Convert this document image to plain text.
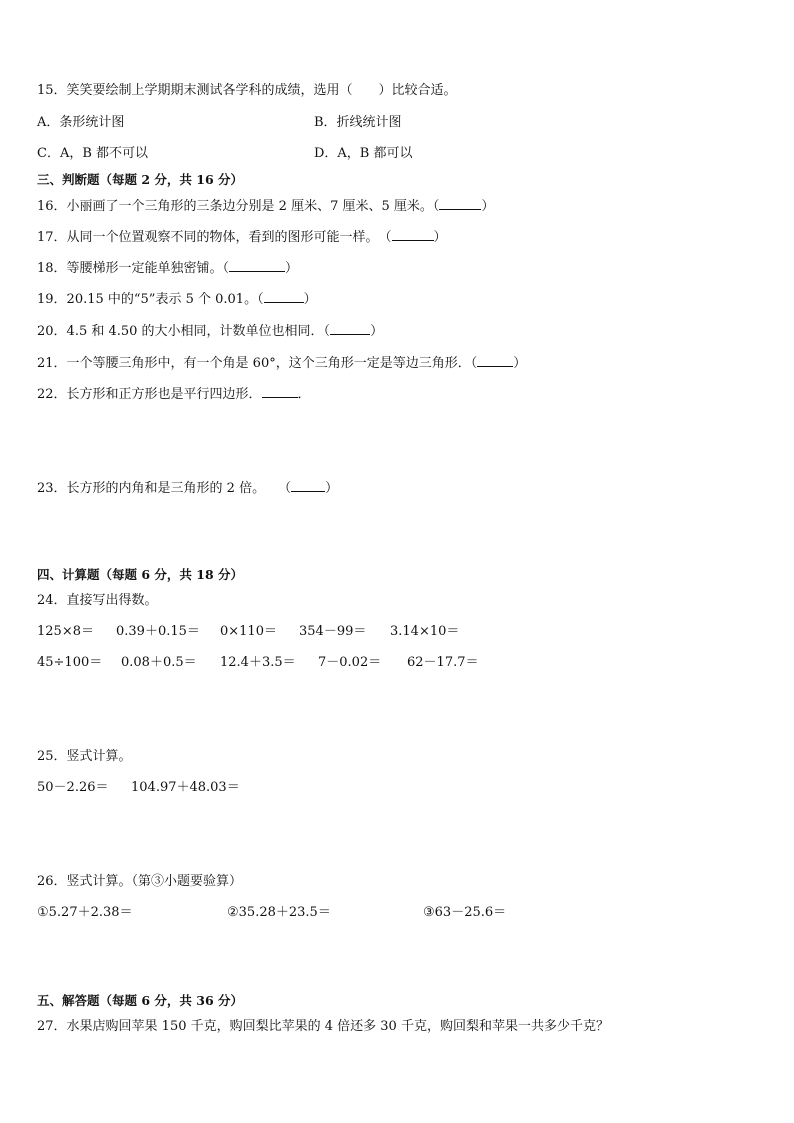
15．笑笑要绘制上学期期末测试各学科的成绩，选用（　　）比较合适。
A．条形统计图	B．折线统计图
C．A，B 都不可以	D．A，B 都可以
三、判断题（每题 2 分，共 16 分）
16．小丽画了一个三角形的三条边分别是 2 厘米、7 厘米、5 厘米。（	）
17．从同一个位置观察不同的物体，看到的图形可能一样。　（	）
18．等腰梯形一定能单独密铺。（	）
19．20.15 中的“5”表示 5 个 0.01。（	）
20．4.5 和 4.50 的大小相同，计数单位也相同．（	）
21．一个等腰三角形中，有一个角是 60°，这个三角形一定是等边三角形．（	）
22．长方形和正方形也是平行四边形．	．
23．长方形的内角和是三角形的 2 倍。　　（	）
四、计算题（每题 6 分，共 18 分）
24．直接写出得数。
125×8＝ 0.39＋0.15＝ 0×110＝ 354－99＝ 3.14×10＝
45÷100＝ 0.08＋0.5＝ 12.4＋3.5＝ 7－0.02＝ 62－17.7＝
25．竖式计算。
50－2.26＝ 104.97＋48.03＝
26．竖式计算。（第③小题要验算）
①5.27＋2.38＝	②35.28＋23.5＝	③63－25.6＝
五、解答题（每题 6 分，共 36 分）
27．水果店购回苹果 150 千克，购回梨比苹果的 4 倍还多 30 千克，购回梨和苹果一共多少千克？
